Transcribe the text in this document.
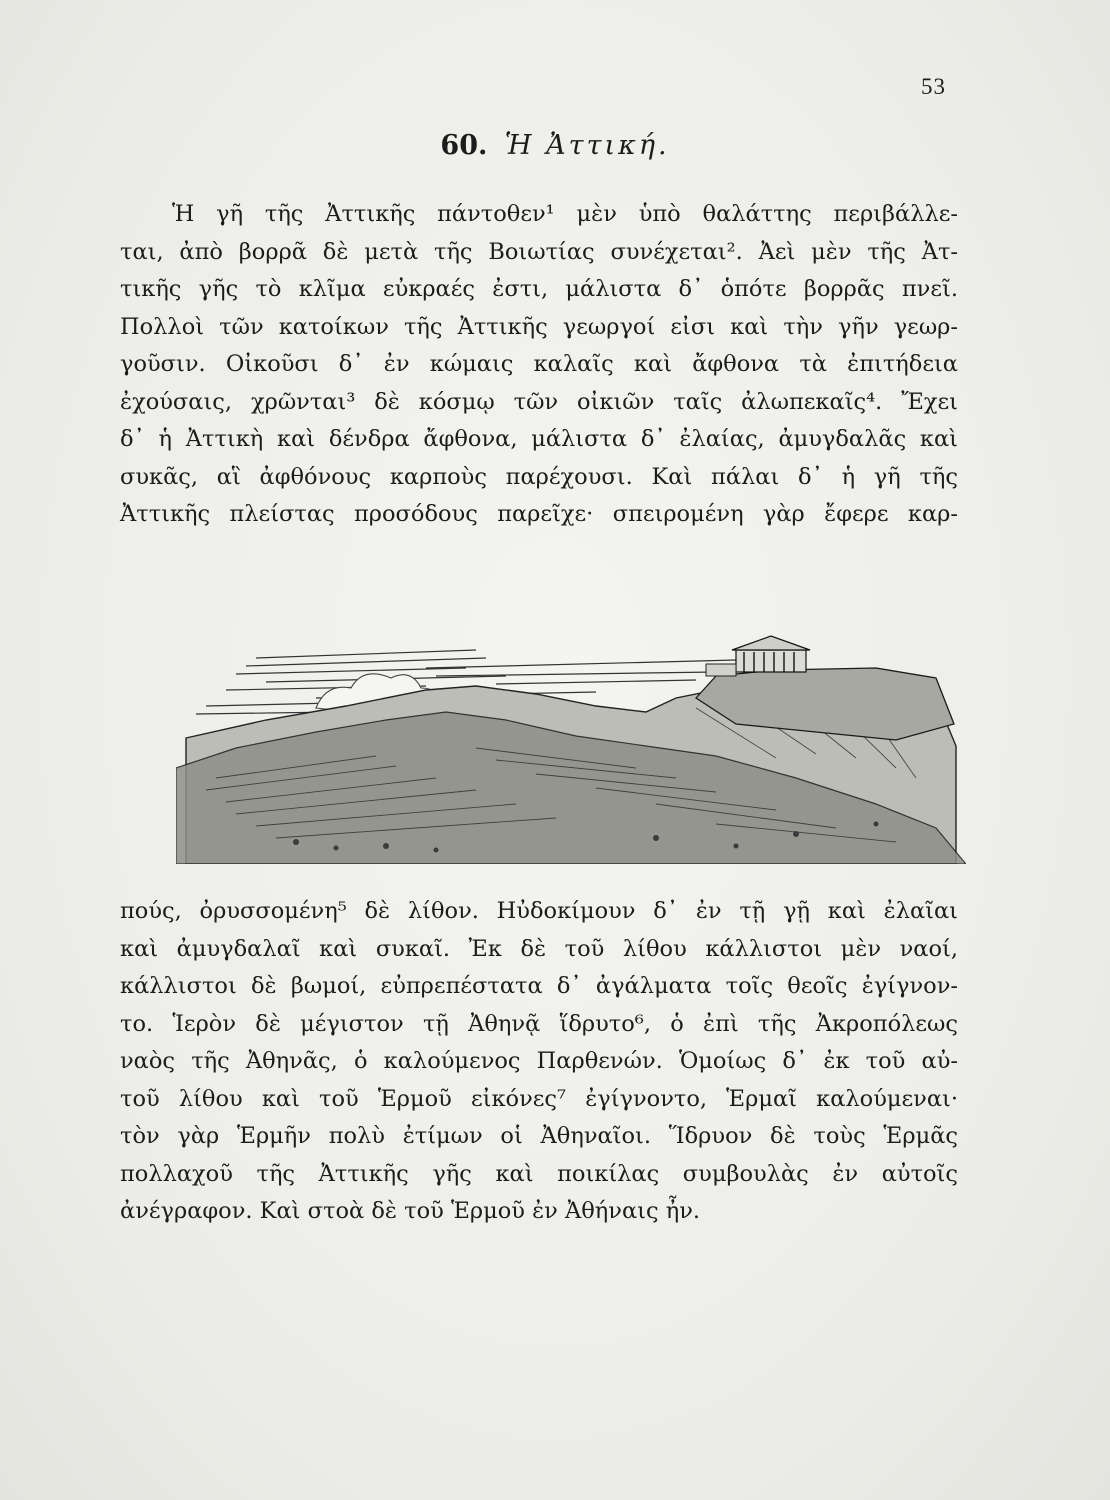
53
60. Ἡ Ἀττική.
Ἡ γῆ τῆς Ἀττικῆς πάντοθεν¹ μὲν ὑπὸ θαλάττης περιβάλλε-
ται, ἀπὸ βορρᾶ δὲ μετὰ τῆς Βοιωτίας συνέχεται². Ἀεὶ μὲν τῆς Ἀτ-
τικῆς γῆς τὸ κλῖμα εὐκραές ἐστι, μάλιστα δ᾽ ὁπότε βορρᾶς πνεῖ.
Πολλοὶ τῶν κατοίκων τῆς Ἀττικῆς γεωργοί εἰσι καὶ τὴν γῆν γεωρ-
γοῦσιν. Οἰκοῦσι δ᾽ ἐν κώμαις καλαῖς καὶ ἄφθονα τὰ ἐπιτήδεια
ἐχούσαις, χρῶνται³ δὲ κόσμῳ τῶν οἰκιῶν ταῖς ἀλωπεκαῖς⁴. Ἔχει
δ᾽ ἡ Ἀττικὴ καὶ δένδρα ἄφθονα, μάλιστα δ᾽ ἐλαίας, ἀμυγδαλᾶς καὶ
συκᾶς, αἳ ἀφθόνους καρποὺς παρέχουσι. Καὶ πάλαι δ᾽ ἡ γῆ τῆς
Ἀττικῆς πλείστας προσόδους παρεῖχε· σπειρομένη γὰρ ἔφερε καρ-
πούς, ὀρυσσομένη⁵ δὲ λίθον. Ηὐδοκίμουν δ᾽ ἐν τῇ γῇ καὶ ἐλαῖαι
καὶ ἀμυγδαλαῖ καὶ συκαῖ. Ἐκ δὲ τοῦ λίθου κάλλιστοι μὲν ναοί,
κάλλιστοι δὲ βωμοί, εὐπρεπέστατα δ᾽ ἀγάλματα τοῖς θεοῖς ἐγίγνον-
το. Ἱερὸν δὲ μέγιστον τῇ Ἀθηνᾷ ἵδρυτο⁶, ὁ ἐπὶ τῆς Ἀκροπόλεως
ναὸς τῆς Ἀθηνᾶς, ὁ καλούμενος Παρθενών. Ὁμοίως δ᾽ ἐκ τοῦ αὐ-
τοῦ λίθου καὶ τοῦ Ἑρμοῦ εἰκόνες⁷ ἐγίγνοντο, Ἑρμαῖ καλούμεναι·
τὸν γὰρ Ἑρμῆν πολὺ ἐτίμων οἱ Ἀθηναῖοι. Ἵδρυον δὲ τοὺς Ἑρμᾶς
πολλαχοῦ τῆς Ἀττικῆς γῆς καὶ ποικίλας συμβουλὰς ἐν αὐτοῖς
ἀνέγραφον. Καὶ στοὰ δὲ τοῦ Ἑρμοῦ ἐν Ἀθήναις ἦν.
